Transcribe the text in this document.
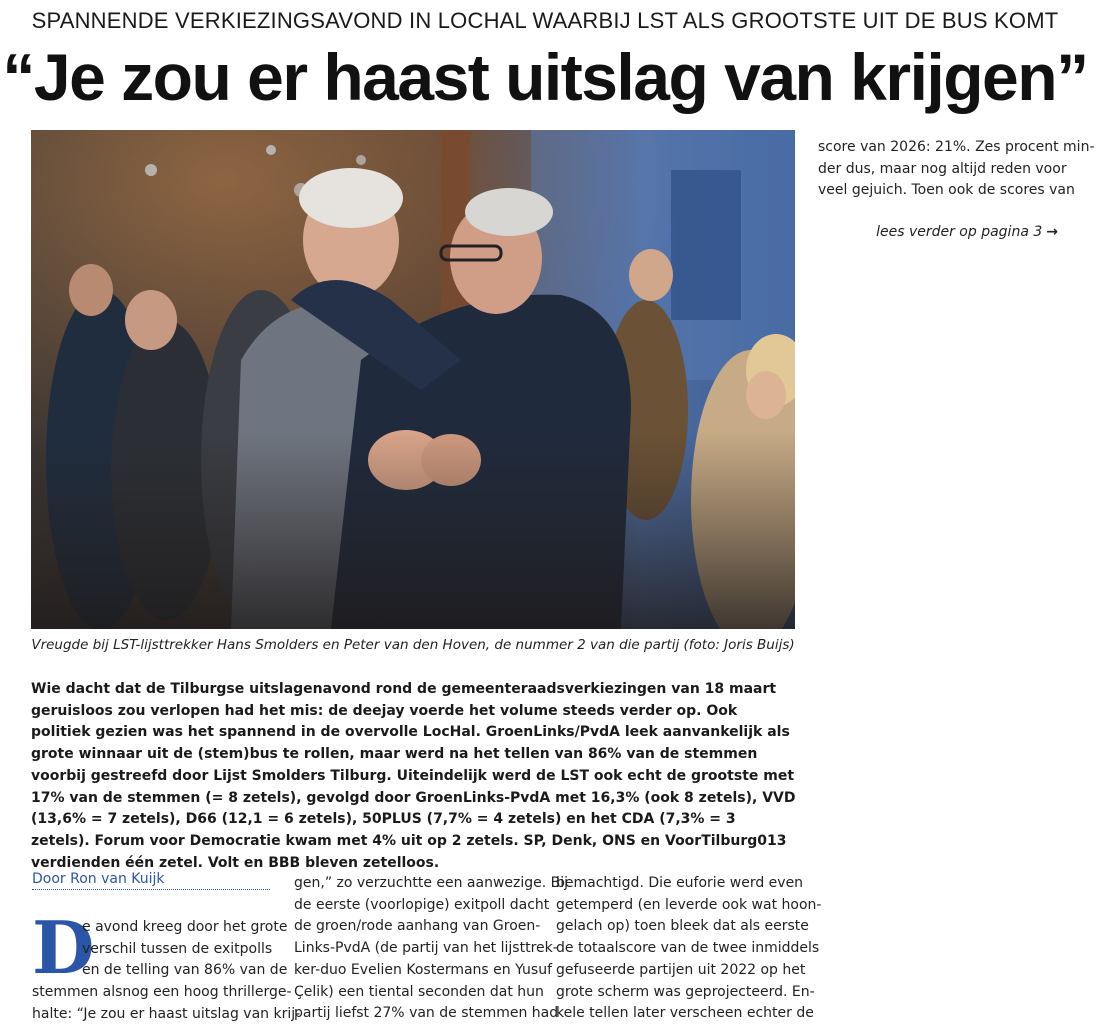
SPANNENDE VERKIEZINGSAVOND IN LOCHAL WAARBIJ LST ALS GROOTSTE UIT DE BUS KOMT
“Je zou er haast uitslag van krijgen”
Vreugde bij LST-lijsttrekker Hans Smolders en Peter van den Hoven, de nummer 2 van die partij (foto: Joris Buijs)

Wie dacht dat de Tilburgse uitslagenavond rond de gemeenteraadsverkiezingen van 18 maart geruisloos zou verlopen had het mis: de deejay voerde het volume steeds verder op. Ook politiek gezien was het spannend in de overvolle LocHal. GroenLinks/PvdA leek aanvankelijk als grote winnaar uit de (stem)bus te rollen, maar werd na het tellen van 86% van de stemmen voorbij gestreefd door Lijst Smolders Tilburg. Uiteindelijk werd de LST ook echt de grootste met 17% van de stemmen (= 8 zetels), gevolgd door GroenLinks-PvdA met 16,3% (ook 8 zetels), VVD (13,6% = 7 zetels), D66 (12,1 = 6 zetels), 50PLUS (7,7% = 4 zetels) en het CDA (7,3% = 3 zetels). Forum voor Democratie kwam met 4% uit op 2 zetels. SP, Denk, ONS en VoorTilburg013 verdienden één zetel. Volt en BBB bleven zetelloos.

score van 2026: 21%. Zes procent min-
der dus, maar nog altijd reden voor
veel gejuich. Toen ook de scores van
lees verder op pagina 3 →
Door Ron van Kuijk
D
e avond kreeg door het grote
verschil tussen de exitpolls
en de telling van 86% van de
stemmen alsnog een hoog thrillerge-
halte: “Je zou er haast uitslag van krij-
gen,” zo verzuchtte een aanwezige. Bij
de eerste (voorlopige) exitpoll dacht
de groen/rode aanhang van Groen-
Links-PvdA (de partij van het lijsttrek-
ker-duo Evelien Kostermans en Yusuf
Çelik) een tiental seconden dat hun
partij liefst 27% van de stemmen had
bemachtigd. Die euforie werd even
getemperd (en leverde ook wat hoon-
gelach op) toen bleek dat als eerste
de totaalscore van de twee inmiddels
gefuseerde partijen uit 2022 op het
grote scherm was geprojecteerd. En-
kele tellen later verscheen echter de
